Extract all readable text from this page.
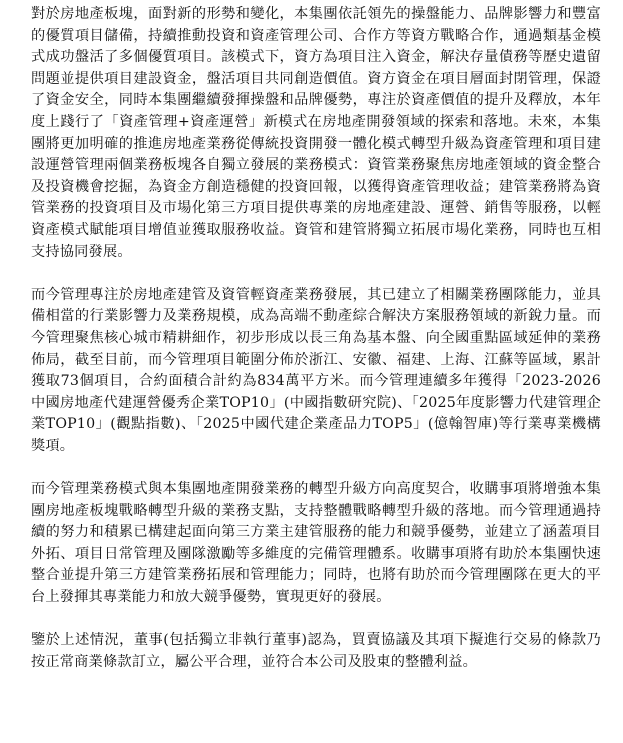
對於房地產板塊，面對新的形勢和變化，本集團依託領先的操盤能力、品牌影響力和豐富的優質項目儲備，持續推動投資和資產管理公司、合作方等資方戰略合作，通過類基金模式成功盤活了多個優質項目。該模式下，資方為項目注入資金，解決存量債務等歷史遺留問題並提供項目建設資金，盤活項目共同創造價值。資方資金在項目層面封閉管理，保證了資金安全，同時本集團繼續發揮操盤和品牌優勢，專注於資產價值的提升及釋放，本年度上踐行了「資產管理+資產運營」新模式在房地產開發領域的探索和落地。未來，本集團將更加明確的推進房地產業務從傳統投資開發一體化模式轉型升級為資產管理和項目建設運營管理兩個業務板塊各自獨立發展的業務模式：資管業務聚焦房地產領域的資金整合及投資機會挖掘，為資金方創造穩健的投資回報，以獲得資產管理收益；建管業務將為資管業務的投資項目及市場化第三方項目提供專業的房地產建設、運營、銷售等服務，以輕資產模式賦能項目增值並獲取服務收益。資管和建管將獨立拓展市場化業務，同時也互相支持協同發展。

而今管理專注於房地產建管及資管輕資產業務發展，其已建立了相關業務團隊能力，並具備相當的行業影響力及業務規模，成為高端不動產綜合解決方案服務領域的新銳力量。而今管理聚焦核心城市精耕細作，初步形成以長三角為基本盤、向全國重點區域延伸的業務佈局，截至目前，而今管理項目範圍分佈於浙江、安徽、福建、上海、江蘇等區域，累計獲取73個項目，合約面積合計約為834萬平方米。而今管理連續多年獲得「2023-2026中國房地產代建運營優秀企業TOP10」(中國指數研究院)、「2025年度影響力代建管理企業TOP10」(觀點指數)、「2025中國代建企業產品力TOP5」(億翰智庫)等行業專業機構獎項。

而今管理業務模式與本集團地產開發業務的轉型升級方向高度契合，收購事項將增強本集團房地產板塊戰略轉型升級的業務支點，支持整體戰略轉型升級的落地。而今管理通過持續的努力和積累已構建起面向第三方業主建管服務的能力和競爭優勢，並建立了涵蓋項目外拓、項目日常管理及團隊激勵等多維度的完備管理體系。收購事項將有助於本集團快速整合並提升第三方建管業務拓展和管理能力；同時，也將有助於而今管理團隊在更大的平台上發揮其專業能力和放大競爭優勢，實現更好的發展。

鑒於上述情況，董事(包括獨立非執行董事)認為，買賣協議及其項下擬進行交易的條款乃按正常商業條款訂立，屬公平合理，並符合本公司及股東的整體利益。
